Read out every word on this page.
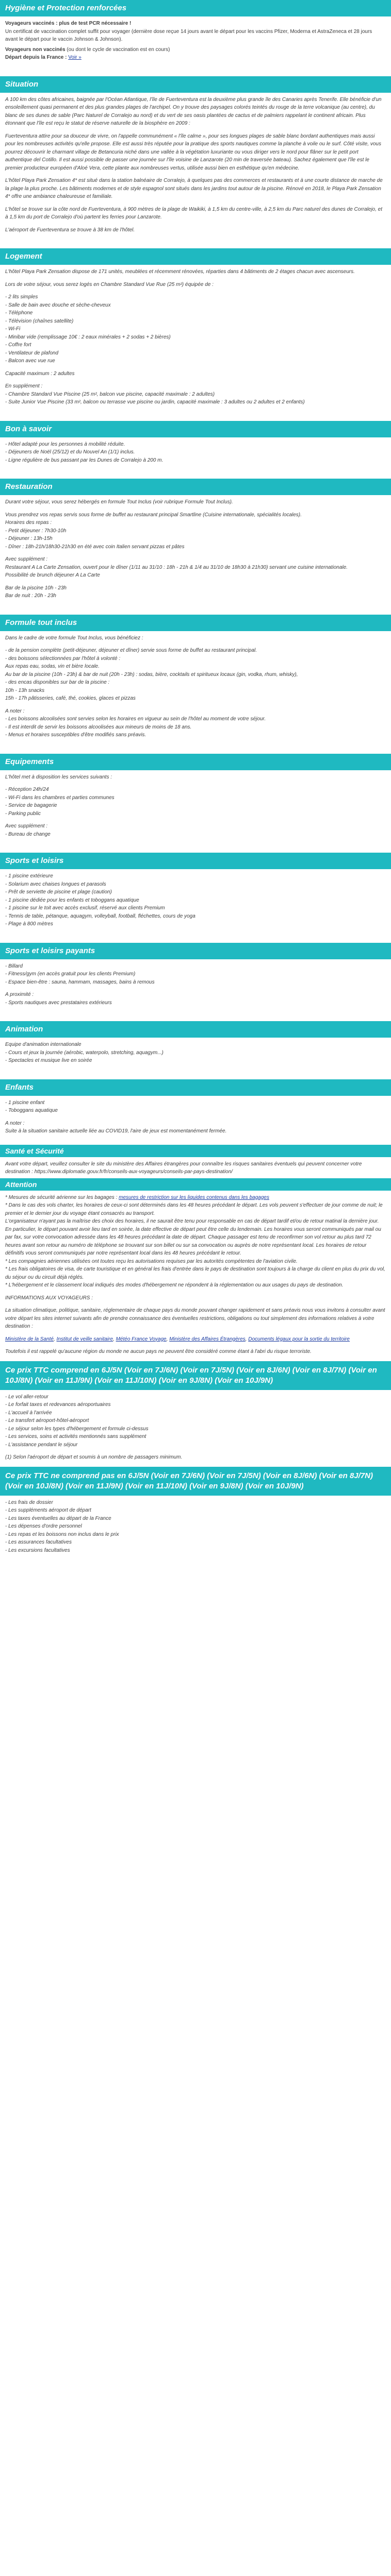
Hygiène et Protection renforcées

Voyageurs vaccinés : plus de test PCR nécessaire !
Un certificat de vaccination complet suffit pour voyager (dernière dose reçue 14 jours avant le départ pour les vaccins Pfizer, Moderna et AstraZeneca et 28 jours avant le départ pour le vaccin Johnson & Johnson).

Voyageurs non vaccinés (ou dont le cycle de vaccination est en cours)

Départ depuis la France : Voir »

Situation

A 100 km des côtes africaines, baignée par l'Océan Atlantique, l'île de Fuerteventura est la deuxième plus grande île des Canaries après Tenerife. Elle bénéficie d'un ensoleillement quasi permanent et des plus grandes plages de l'archipel. On y trouve des paysages colorés teintés du rouge de la terre volcanique (au centre), du blanc de ses dunes de sable (Parc Naturel de Corralejo au nord) et du vert de ses oasis plantées de cactus et de palmiers rappelant le continent africain. Plus étonnant que l'île est reçu le statut de réserve naturelle de la biosphère en 2009 :

Fuerteventura attire pour sa douceur de vivre, on l'appelle communément « l'île calme », pour ses longues plages de sable blanc bordant authentiques mais aussi pour les nombreuses activités qu'elle propose. Elle est aussi très réputée pour la pratique des sports nautiques comme la planche à voile ou le surf. Côté visite, vous pourrez découvrir le charmant village de Betancuria niché dans une vallée à la végétation luxuriante ou vous diriger vers le nord pour flâner sur le petit port authentique del Cotillo. Il est aussi possible de passer une journée sur l'île voisine de Lanzarote (20 min de traversée bateau). Sachez également que l'île est le premier producteur européen d'Aloé Vera, cette plante aux nombreuses vertus, utilisée aussi bien en esthétique qu'en médecine.

L'hôtel Playa Park Zensation 4* est situé dans la station balnéaire de Corralejo, à quelques pas des commerces et restaurants et à une courte distance de marche de la plage la plus proche. Les bâtiments modernes et de style espagnol sont situés dans les jardins tout autour de la piscine. Rénové en 2018, le Playa Park Zensation 4* offre une ambiance chaleureuse et familiale.

L'hôtel se trouve sur la côte nord de Fuerteventura, à 900 mètres de la plage de Waikiki, à 1,5 km du centre-ville, à 2,5 km du Parc naturel des dunes de Corralejo, et à 1,5 km du port de Corralejo d'où partent les ferries pour Lanzarote.

L'aéroport de Fuerteventura se trouve à 38 km de l'hôtel.

Logement

L'hôtel Playa Park Zensation dispose de 171 unités, meublées et récemment rénovées, réparties dans 4 bâtiments de 2 étages chacun avec ascenseurs.

Lors de votre séjour, vous serez logés en Chambre Standard Vue Rue (25 m²) équipée de :

- 2 lits simples

- Salle de bain avec douche et sèche-cheveux

- Téléphone

- Télévision (chaînes satellite)

- Wi-Fi

- Minibar vide (remplissage 10€ : 2 eaux minérales + 2 sodas + 2 bières)

- Coffre fort

- Ventilateur de plafond

- Balcon avec vue rue

Capacité maximum : 2 adultes

En supplément :

- Chambre Standard Vue Piscine (25 m², balcon vue piscine, capacité maximale : 2 adultes)

- Suite Junior Vue Piscine (33 m², balcon ou terrasse vue piscine ou jardin, capacité maximale : 3 adultes ou 2 adultes et 2 enfants)

Bon à savoir

- Hôtel adapté pour les personnes à mobilité réduite.

- Déjeuners de Noël (25/12) et du Nouvel An (1/1) inclus.

- Ligne régulière de bus passant par les Dunes de Corralejo à 200 m.

Restauration

Durant votre séjour, vous serez hébergés en formule Tout Inclus (voir rubrique Formule Tout Inclus).

Vous prendrez vos repas servis sous forme de buffet au restaurant principal Smartline (Cuisine internationale, spécialités locales).

Horaires des repas :

- Petit déjeuner : 7h30-10h

- Déjeuner : 13h-15h

- Dîner : 18h-21h/18h30-21h30 en été avec coin Italien servant pizzas et pâtes

Avec supplément :

Restaurant A La Carte Zensation, ouvert pour le dîner (1/11 au 31/10 : 18h - 21h & 1/4 au 31/10 de 18h30 à 21h30) servant une cuisine internationale.

Possibilité de brunch déjeuner A La Carte

Bar de la piscine 10h - 23h

Bar de nuit : 20h - 23h

Formule tout inclus

Dans le cadre de votre formule Tout Inclus, vous bénéficiez :

- de la pension complète (petit-déjeuner, déjeuner et dîner) servie sous forme de buffet au restaurant principal.

- des boissons sélectionnées par l'hôtel à volonté :

Aux repas eau, sodas, vin et bière locale.

Au bar de la piscine (10h - 23h) & bar de nuit (20h - 23h) : sodas, bière, cocktails et spiritueux locaux (gin, vodka, rhum, whisky),

- des encas disponibles sur bar de la piscine :

10h - 13h snacks

15h - 17h pâtisseries, café, thé, cookies, glaces et pizzas

A noter :

- Les boissons alcoolisées sont servies selon les horaires en vigueur au sein de l'hôtel au moment de votre séjour.

- Il est interdit de servir les boissons alcoolisées aux mineurs de moins de 18 ans.

- Menus et horaires susceptibles d'être modifiés sans préavis.

Equipements

L'hôtel met à disposition les services suivants :

- Réception 24h/24

- Wi-Fi dans les chambres et parties communes

- Service de bagagerie

- Parking public

Avec supplément :

- Bureau de change

Sports et loisirs

- 1 piscine extérieure

- Solarium avec chaises longues et parasols

- Prêt de serviette de piscine et plage (caution)

- 1 piscine dédiée pour les enfants et toboggans aquatique

- 1 piscine sur le toit avec accès exclusif, réservé aux clients Premium

- Tennis de table, pétanque, aquagym, volleyball, football, fléchettes, cours de yoga

- Plage à 800 mètres

Sports et loisirs payants

- Billard

- Fitness/gym (en accès gratuit pour les clients Premium)

- Espace bien-être : sauna, hammam, massages, bains à remous

A proximité :

- Sports nautiques avec prestataires extérieurs

Animation

Equipe d'animation internationale

- Cours et jeux la journée (aérobic, waterpolo, stretching, aquagym...)

- Spectacles et musique live en soirée

Enfants

- 1 piscine enfant

- Toboggans aquatique

A noter :

Suite à la situation sanitaire actuelle liée au COVID19, l'aire de jeux est momentanément fermée.

Santé et Sécurité

Avant votre départ, veuillez consulter le site du ministère des Affaires étrangères pour connaître les risques sanitaires éventuels qui peuvent concerner votre destination : https://www.diplomatie.gouv.fr/fr/conseils-aux-voyageurs/conseils-par-pays-destination/

Attention

* Mesures de sécurité aérienne sur les bagages : mesures de restriction sur les liquides contenus dans les bagages

* Dans le cas des vols charter, les horaires de ceux-ci sont déterminés dans les 48 heures précédant le départ. Les vols peuvent s'effectuer de jour comme de nuit; le premier et le dernier jour du voyage étant consacrés au transport.

L'organisateur n'ayant pas la maîtrise des choix des horaires, il ne saurait être tenu pour responsable en cas de départ tardif et/ou de retour matinal la dernière jour. En particulier, le départ pouvant avoir lieu tard en soirée, la date effective de départ peut être celle du lendemain. Les horaires vous seront communiqués par mail ou par fax, sur votre convocation adressée dans les 48 heures précédant la date de départ. Chaque passager est tenu de reconfirmer son vol retour au plus tard 72 heures avant son retour au numéro de téléphone se trouvant sur son billet ou sur sa convocation ou auprès de notre représentant local. Les horaires de retour définitifs vous seront communiqués par notre représentant local dans les 48 heures précédant le retour.

* Les compagnies aériennes utilisées ont toutes reçu les autorisations requises par les autorités compétentes de l'aviation civile.

* Les frais obligatoires de visa, de carte touristique et en général les frais d'entrée dans le pays de destination sont toujours à la charge du client en plus du prix du vol, du séjour ou du circuit déjà réglés.

* L'hébergement et le classement local indiqués des modes d'hébergement ne répondent à la réglementation ou aux usages du pays de destination.

INFORMATIONS AUX VOYAGEURS :

La situation climatique, politique, sanitaire, réglementaire de chaque pays du monde pouvant changer rapidement et sans préavis nous vous invitons à consulter avant votre départ les sites internet suivants afin de prendre connaissance des éventuelles restrictions, obligations ou tout simplement des informations relatives à votre destination :

Ministère de la Santé, Institut de veille sanitaire, Météo France Voyage, Ministère des Affaires Étrangères, Documents légaux pour la sortie du territoire

Toutefois il est rappelé qu'aucune région du monde ne aucun pays ne peuvent être considéré comme étant à l'abri du risque terroriste.

Ce prix TTC comprend en 6J/5N (Voir en 7J/6N) (Voir en 7J/5N) (Voir en 8J/6N) (Voir en 8J/7N) (Voir en 10J/8N) (Voir en 11J/9N) (Voir en 11J/10N) (Voir en 9J/8N) (Voir en 10J/9N)

- Le vol aller-retour

- Le forfait taxes et redevances aéroportuaires

- L'accueil à l'arrivée

- Le transfert aéroport-hôtel-aéroport

- Le séjour selon les types d'hébergement et formule ci-dessus

- Les services, soins et activités mentionnés sans supplément

- L'assistance pendant le séjour

(1) Selon l'aéroport de départ et soumis à un nombre de passagers minimum.

Ce prix TTC ne comprend pas en 6J/5N (Voir en 7J/6N) (Voir en 7J/5N) (Voir en 8J/6N) (Voir en 8J/7N) (Voir en 10J/8N) (Voir en 11J/9N) (Voir en 11J/10N) (Voir en 9J/8N) (Voir en 10J/9N)

- Les frais de dossier

- Les suppléments aéroport de départ

- Les taxes éventuelles au départ de la France

- Les dépenses d'ordre personnel

- Les repas et les boissons non inclus dans le prix

- Les assurances facultatives

- Les excursions facultatives
